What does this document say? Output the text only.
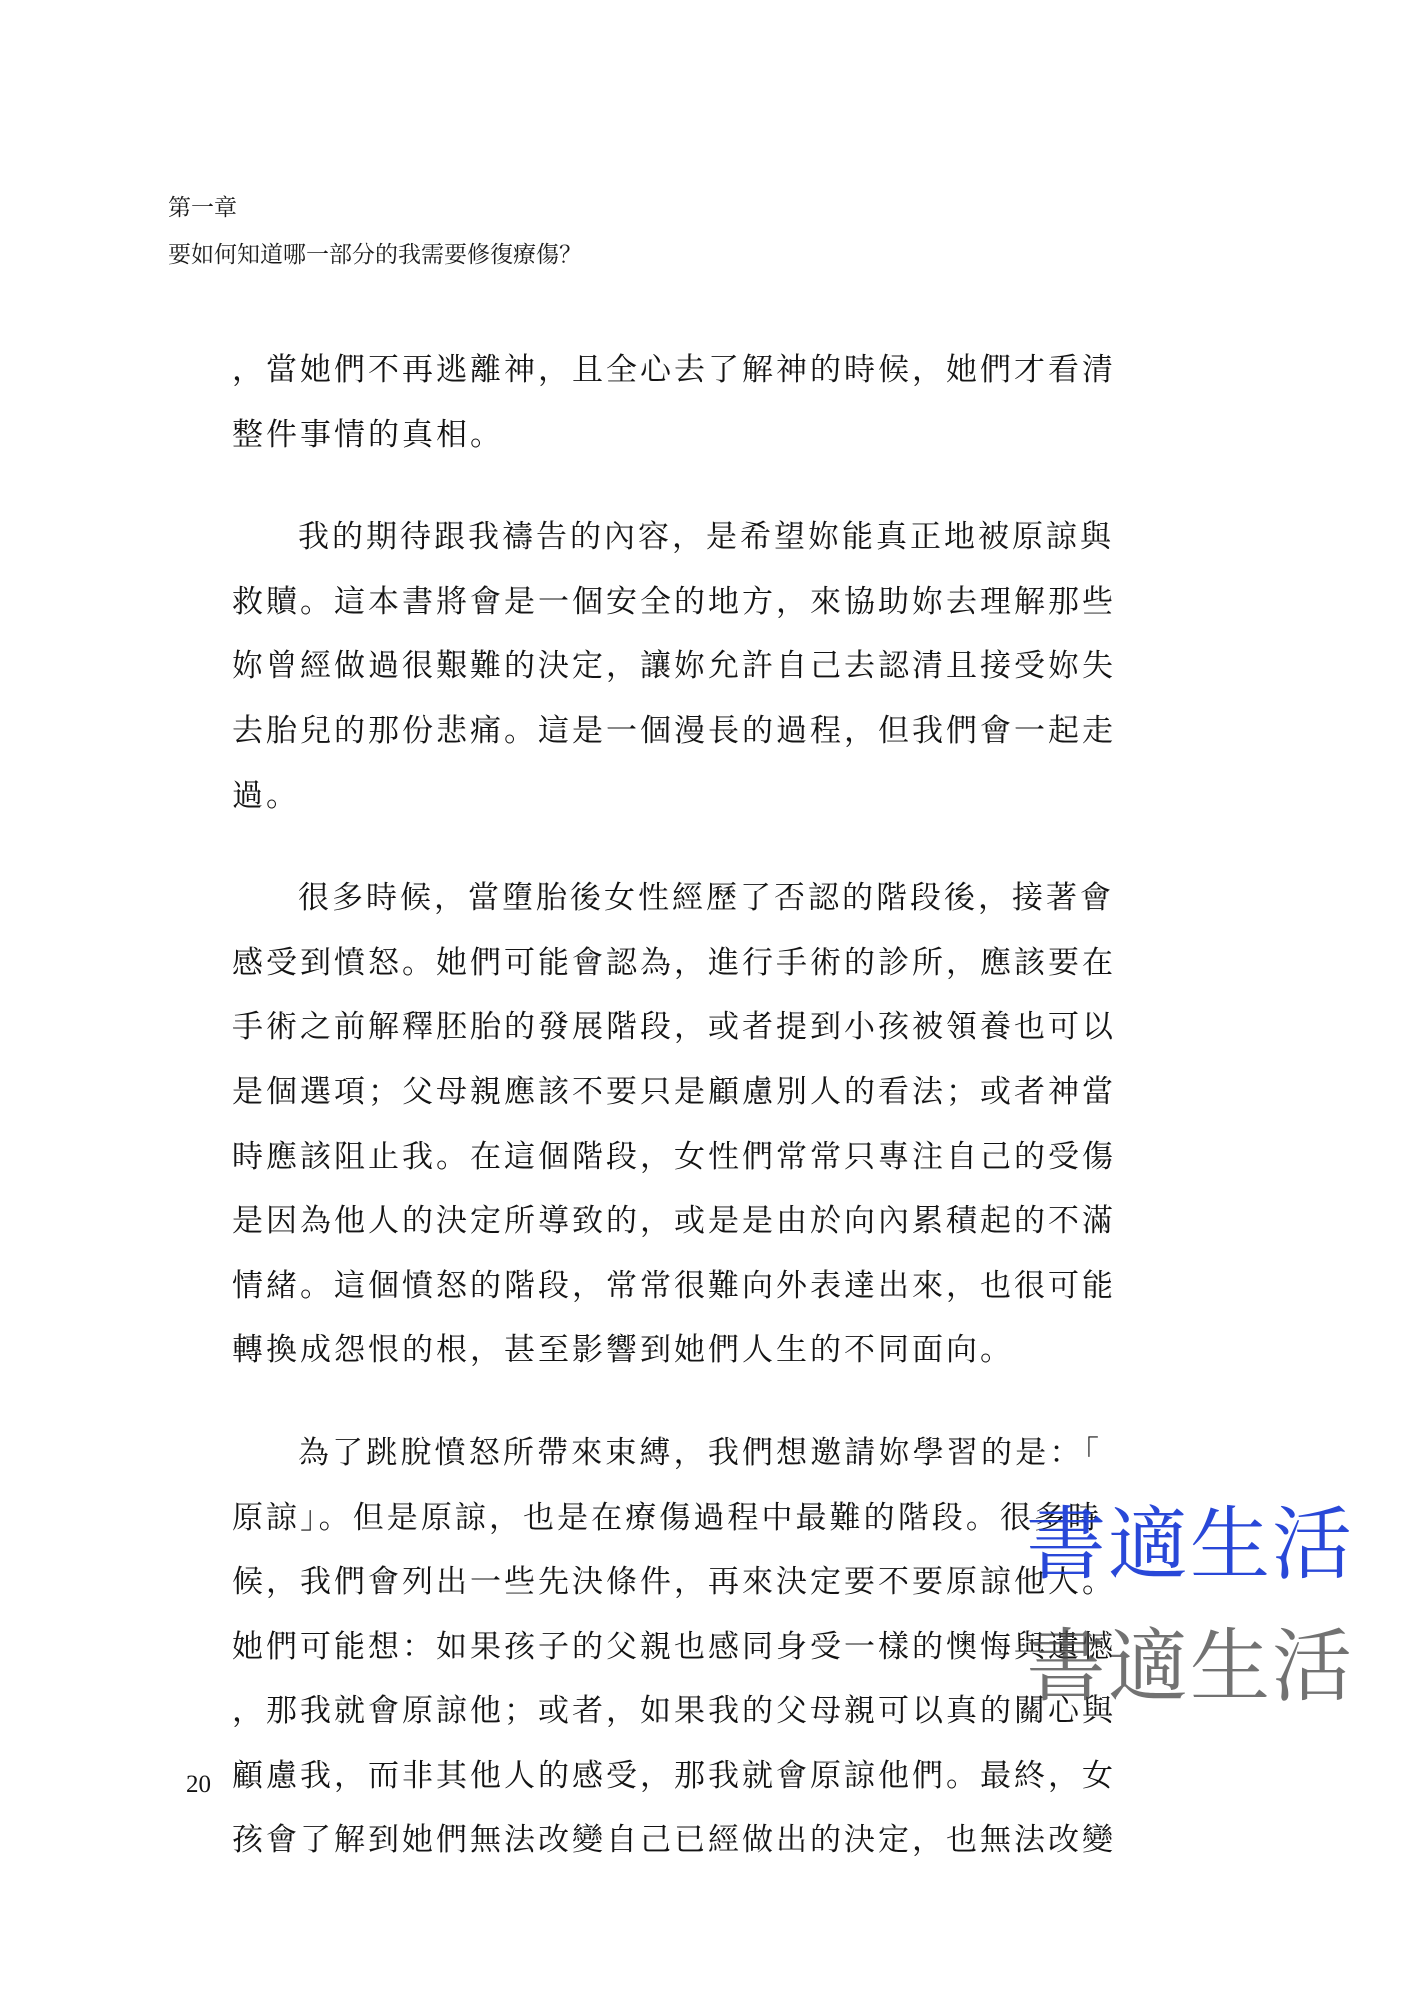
第一章
要如何知道哪一部分的我需要修復療傷？
，當她們不再逃離神，且全心去了解神的時候，她們才看清
整件事情的真相。
我的期待跟我禱告的內容，是希望妳能真正地被原諒與
救贖。這本書將會是一個安全的地方，來協助妳去理解那些
妳曾經做過很艱難的決定，讓妳允許自己去認清且接受妳失
去胎兒的那份悲痛。這是一個漫長的過程，但我們會一起走
過。
很多時候，當墮胎後女性經歷了否認的階段後，接著會
感受到憤怒。她們可能會認為，進行手術的診所，應該要在
手術之前解釋胚胎的發展階段，或者提到小孩被領養也可以
是個選項；父母親應該不要只是顧慮別人的看法；或者神當
時應該阻止我。在這個階段，女性們常常只專注自己的受傷
是因為他人的決定所導致的，或是是由於向內累積起的不滿
情緒。這個憤怒的階段，常常很難向外表達出來，也很可能
轉換成怨恨的根，甚至影響到她們人生的不同面向。
為了跳脫憤怒所帶來束縛，我們想邀請妳學習的是：「
原諒」。但是原諒，也是在療傷過程中最難的階段。很多時
候，我們會列出一些先決條件，再來決定要不要原諒他人。
她們可能想：如果孩子的父親也感同身受一樣的懊悔與遺憾
，那我就會原諒他；或者，如果我的父母親可以真的關心與
顧慮我，而非其他人的感受，那我就會原諒他們。最終，女
孩會了解到她們無法改變自己已經做出的決定，也無法改變
20
書適生活
書適生活
